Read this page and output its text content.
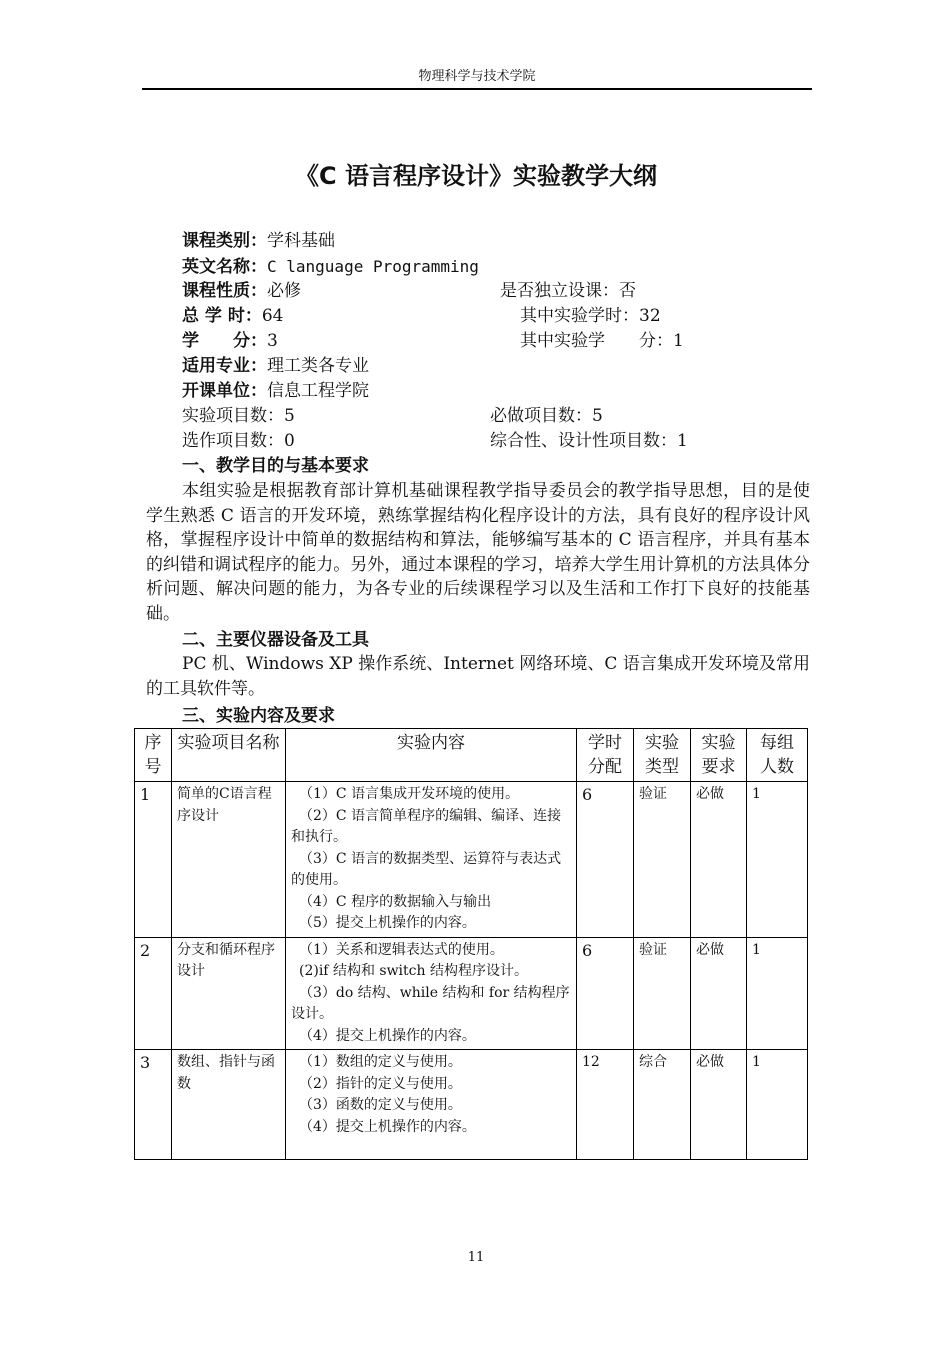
物理科学与技术学院
《C 语言程序设计》实验教学大纲
课程类别：学科基础
英文名称：C language Programming
课程性质：必修	是否独立设课：否
总 学 时：64	其中实验学时：32
学　　分：3	其中实验学　　分：1
适用专业：理工类各专业
开课单位：信息工程学院
实验项目数：5	必做项目数：5
选作项目数：0	综合性、设计性项目数：1
一、教学目的与基本要求

本组实验是根据教育部计算机基础课程教学指导委员会的教学指导思想，目的是使学生熟悉 C 语言的开发环境，熟练掌握结构化程序设计的方法，具有良好的程序设计风格，掌握程序设计中简单的数据结构和算法，能够编写基本的 C 语言程序，并具有基本的纠错和调试程序的能力。另外，通过本课程的学习，培养大学生用计算机的方法具体分析问题、解决问题的能力，为各专业的后续课程学习以及生活和工作打下良好的技能基础。

二、主要仪器设备及工具

PC 机、Windows XP 操作系统、Internet 网络环境、C 语言集成开发环境及常用的工具软件等。

三、实验内容及要求
序号	实验项目名称	实验内容	学时分配	实验类型	实验要求	每组人数
1	简单的C语言程序设计	（1）C 语言集成开发环境的使用。
（2）C 语言简单程序的编辑、编译、连接和执行。
（3）C 语言的数据类型、运算符与表达式的使用。
（4）C 程序的数据输入与输出
（5）提交上机操作的内容。	6	验证	必做	1
2	分支和循环程序设计	（1）关系和逻辑表达式的使用。
(2)if 结构和 switch 结构程序设计。
（3）do 结构、while 结构和 for 结构程序设计。
（4）提交上机操作的内容。	6	验证	必做	1
3	数组、指针与函数	（1）数组的定义与使用。
（2）指针的定义与使用。
（3）函数的定义与使用。
（4）提交上机操作的内容。	12	综合	必做	1
11
